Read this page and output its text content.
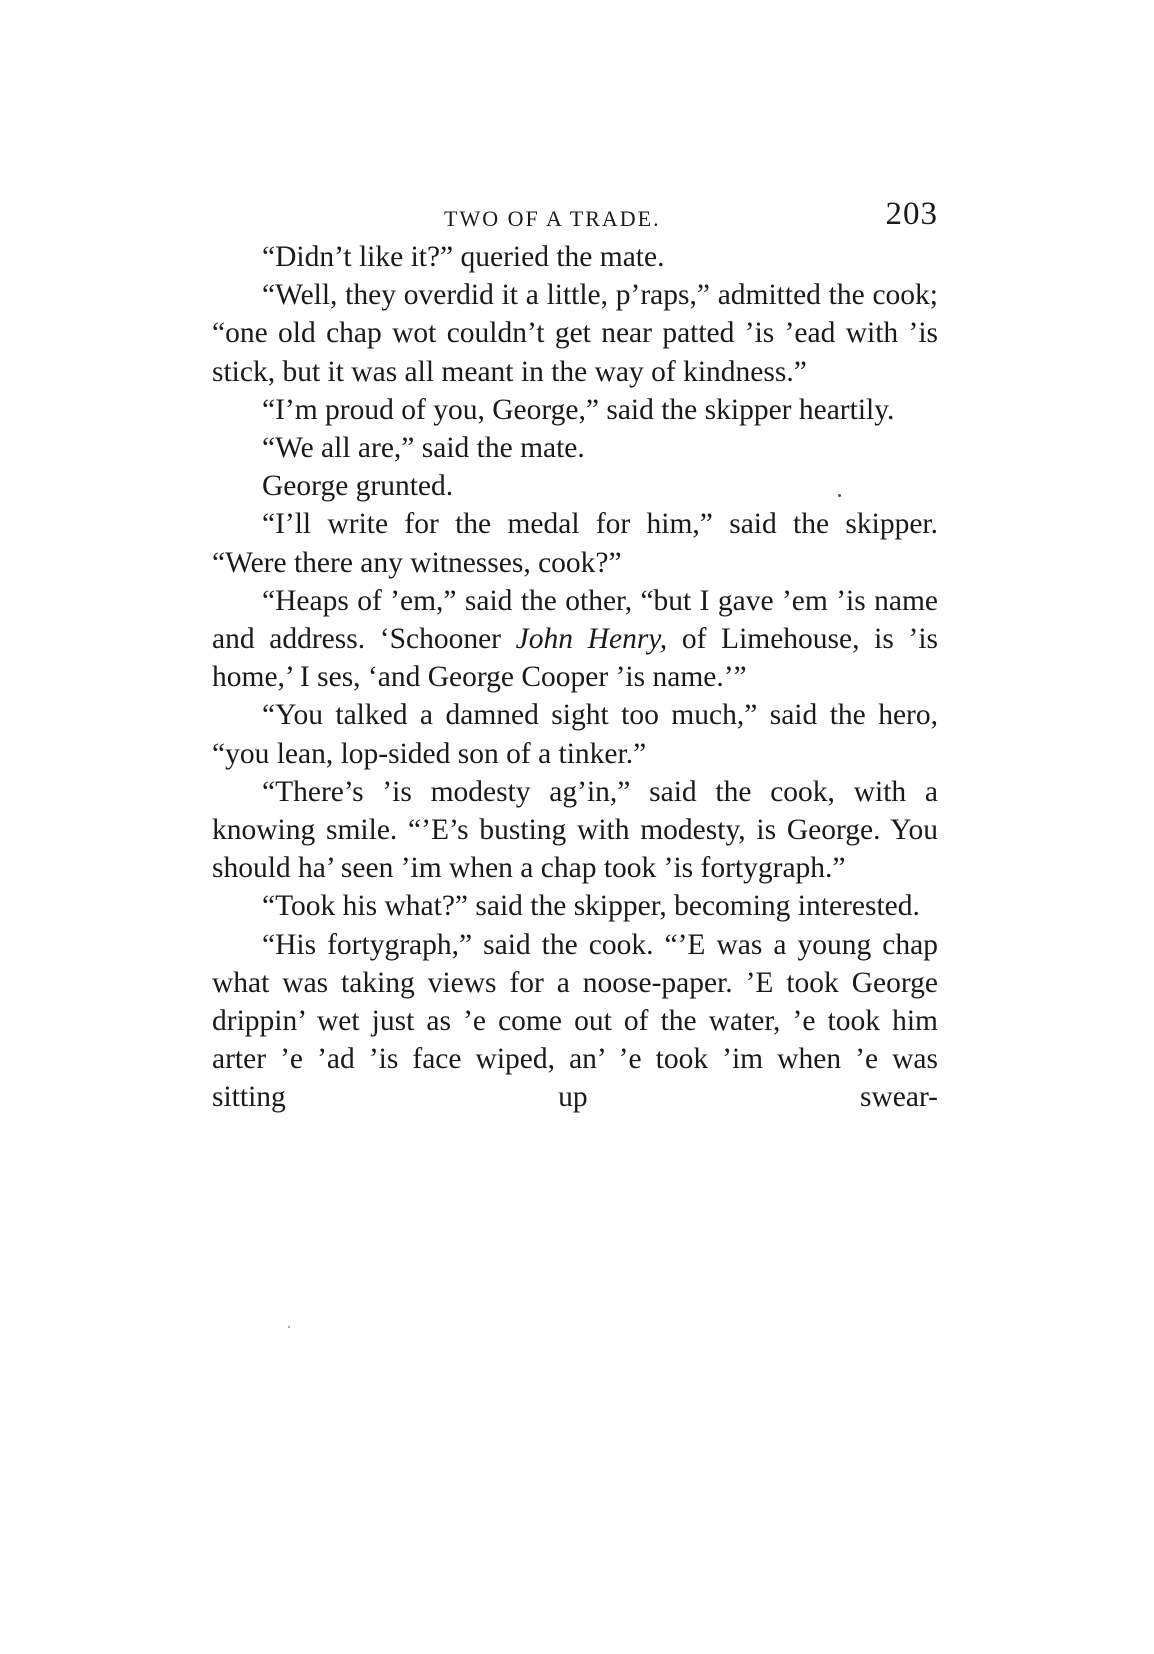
TWO OF A TRADE.	203

“Didn’t like it?” queried the mate.

“Well, they overdid it a little, p’raps,” admitted the cook; “one old chap wot couldn’t get near patted ’is ’ead with ’is stick, but it was all meant in the way of kindness.”

“I’m proud of you, George,” said the skipper heartily.

“We all are,” said the mate.

George grunted.

“I’ll write for the medal for him,” said the skipper. “Were there any witnesses, cook?”

“Heaps of ’em,” said the other, “but I gave ’em ’is name and address. ‘Schooner John Henry, of Limehouse, is ’is home,’ I ses, ‘and George Cooper ’is name.’”

“You talked a damned sight too much,” said the hero, “you lean, lop-sided son of a tinker.”

“There’s ’is modesty ag’in,” said the cook, with a knowing smile. “’E’s busting with modesty, is George. You should ha’ seen ’im when a chap took ’is fortygraph.”

“Took his what?” said the skipper, becoming interested.

“His fortygraph,” said the cook. “’E was a young chap what was taking views for a noose-paper. ’E took George drippin’ wet just as ’e come out of the water, ’e took him arter ’e ’ad ’is face wiped, an’ ’e took ’im when ’e was sitting up swear-
